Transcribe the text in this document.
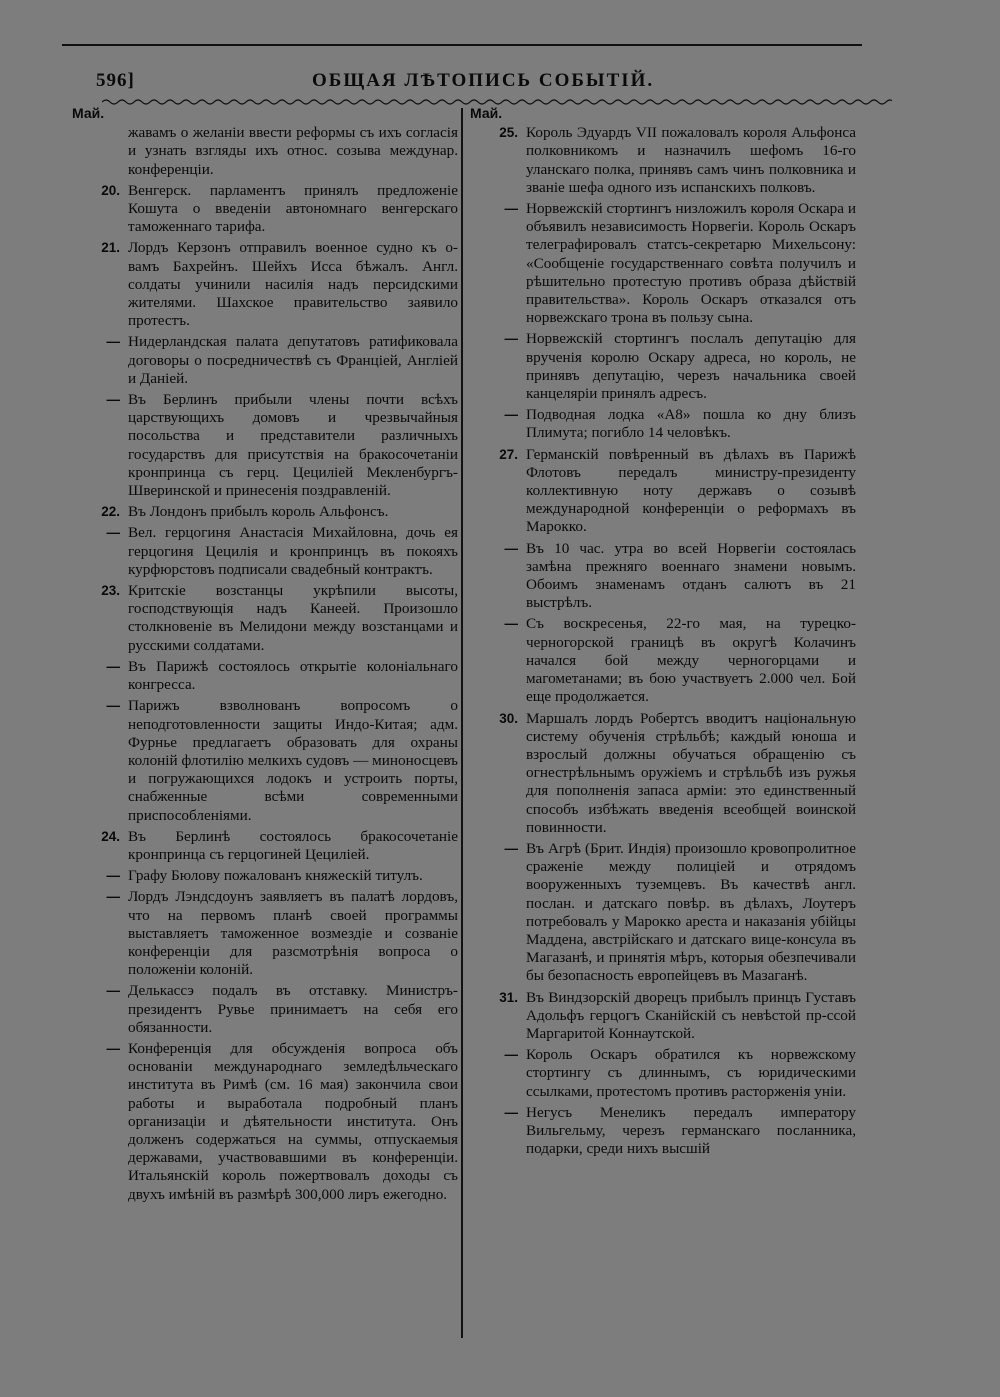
596]	ОБЩАЯ ЛѢТОПИСЬ СОБЫТІЙ.
Май.
жавамъ о желаніи ввести реформы съ ихъ согласія и узнать взгляды ихъ относ. созыва междунар. конференціи.
20. Венгерск. парламентъ принялъ предложеніе Кошута о введеніи автономнаго венгерскаго таможеннаго тарифа.
21. Лордъ Керзонъ отправилъ военное судно къ о-вамъ Бахрейнъ. Шейхъ Исса бѣжалъ. Англ. солдаты учинили насилія надъ персидскими жителями. Шахское правительство заявило протестъ.
— Нидерландская палата депутатовъ ратификовала договоры о посредничествѣ съ Франціей, Англіей и Даніей.
— Въ Берлинъ прибыли члены почти всѣхъ царствующихъ домовъ и чрезвычайныя посольства и представители различныхъ государствъ для присутствія на бракосочетаніи кронпринца съ герц. Цециліей Мекленбургъ-Шверинской и принесенія поздравленій.
22. Въ Лондонъ прибылъ король Альфонсъ.
— Вел. герцогиня Анастасія Михайловна, дочь ея герцогиня Цецилія и кронпринцъ въ покояхъ курфюрстовъ подписали свадебный контрактъ.
23. Критскіе возстанцы укрѣпили высоты, господствующія надъ Канеей. Произошло столкновеніе въ Мелидони между возстанцами и русскими солдатами.
— Въ Парижѣ состоялось открытіе колоніальнаго конгресса.
— Парижъ взволнованъ вопросомъ о неподготовленности защиты Индо-Китая; адм. Фурнье предлагаетъ образовать для охраны колоній флотилію мелкихъ судовъ — миноносцевъ и погружающихся лодокъ и устроить порты, снабженные всѣми современными приспособленіями.
24. Въ Берлинѣ состоялось бракосочетаніе кронпринца съ герцогиней Цециліей.
— Графу Бюлову пожалованъ княжескій титулъ.
— Лордъ Лэндсдоунъ заявляетъ въ палатѣ лордовъ, что на первомъ планѣ своей программы выставляетъ таможенное возмездіе и созваніе конференціи для разсмотрѣнія вопроса о положеніи колоній.
— Делькассэ подалъ въ отставку. Министръ-президентъ Рувье принимаетъ на себя его обязанности.
— Конференція для обсужденія вопроса объ основаніи международнаго земледѣльческаго института въ Римѣ (см. 16 мая) закончила свои работы и выработала подробный планъ организаціи и дѣятельности института. Онъ долженъ содержаться на суммы, отпускаемыя державами, участвовавшими въ конференціи. Итальянскій король пожертвовалъ доходы съ двухъ имѣній въ размѣрѣ 300,000 лиръ ежегодно.
Май.
25. Король Эдуардъ VII пожаловалъ короля Альфонса полковникомъ и назначилъ шефомъ 16-го уланскаго полка, принявъ самъ чинъ полковника и званіе шефа одного изъ испанскихъ полковъ.
— Норвежскій стортингъ низложилъ короля Оскара и объявилъ независимость Норвегіи. Король Оскаръ телеграфировалъ статсъ-секретарю Михельсону: «Сообщеніе государственнаго совѣта получилъ и рѣшительно протестую противъ образа дѣйствій правительства». Король Оскаръ отказался отъ норвежскаго трона въ пользу сына.
— Норвежскій стортингъ послалъ депутацію для врученія королю Оскару адреса, но король, не принявъ депутацію, черезъ начальника своей канцеляріи принялъ адресъ.
— Подводная лодка «А8» пошла ко дну близъ Плимута; погибло 14 человѣкъ.
27. Германскій повѣренный въ дѣлахъ въ Парижѣ Флотовъ передалъ министру-президенту коллективную ноту державъ о созывѣ международной конференціи о реформахъ въ Марокко.
— Въ 10 час. утра во всей Норвегіи состоялась замѣна прежняго военнаго знамени новымъ. Обоимъ знаменамъ отданъ салютъ въ 21 выстрѣлъ.
— Съ воскресенья, 22-го мая, на турецко-черногорской границѣ въ округѣ Колачинъ начался бой между черногорцами и магометанами; въ бою участвуетъ 2.000 чел. Бой еще продолжается.
30. Маршалъ лордъ Робертсъ вводитъ національную систему обученія стрѣльбѣ; каждый юноша и взрослый должны обучаться обращенію съ огнестрѣльнымъ оружіемъ и стрѣльбѣ изъ ружья для пополненія запаса арміи: это единственный способъ избѣжать введенія всеобщей воинской повинности.
— Въ Агрѣ (Брит. Индія) произошло кровопролитное сраженіе между полиціей и отрядомъ вооруженныхъ туземцевъ. Въ качествѣ англ. послан. и датскаго повѣр. въ дѣлахъ, Лоутеръ потребовалъ у Марокко ареста и наказанія убійцы Маддена, австрійскаго и датскаго вице-консула въ Магазанѣ, и принятія мѣръ, которыя обезпечивали бы безопасность европейцевъ въ Мазаганѣ.
31. Въ Виндзорскій дворецъ прибылъ принцъ Густавъ Адольфъ герцогъ Сканійскій съ невѣстой пр-ссой Маргаритой Коннаутской.
— Король Оскаръ обратился къ норвежскому стортингу съ длиннымъ, съ юридическими ссылками, протестомъ противъ расторженія уніи.
— Негусъ Менеликъ передалъ императору Вильгельму, черезъ германскаго посланника, подарки, среди нихъ высшій
